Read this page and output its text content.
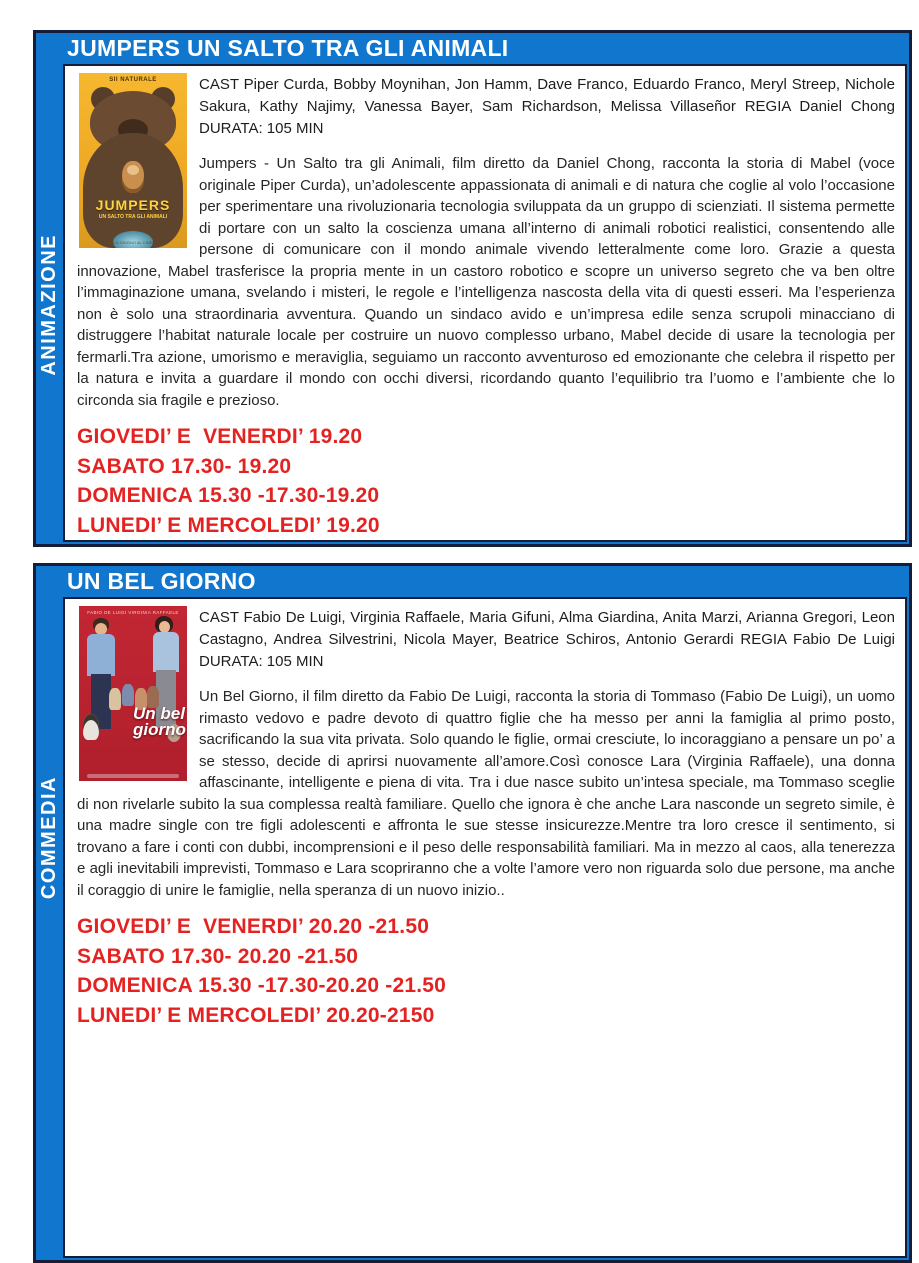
JUMPERS UN SALTO TRA GLI ANIMALI
ANIMAZIONE
SII NATURALE
JUMPERS
UN SALTO TRA GLI ANIMALI
DAL 6 GIUGNO AL CINEMA

CAST Piper Curda, Bobby Moynihan, Jon Hamm, Dave Franco, Eduardo Franco, Meryl Streep, Nichole Sakura, Kathy Najimy, Vanessa Bayer, Sam Richardson, Melissa Villaseñor REGIA Daniel Chong DURATA: 105 MIN

Jumpers - Un Salto tra gli Animali, film diretto da Daniel Chong, racconta la storia di Mabel (voce originale Piper Curda), un’adolescente appassionata di animali e di natura che coglie al volo l’occasione per sperimentare una rivoluzionaria tecnologia sviluppata da un gruppo di scienziati. Il sistema permette di portare con un salto la coscienza umana all’interno di animali robotici realistici, consentendo alle persone di comunicare con il mondo animale vivendo letteralmente come loro. Grazie a questa innovazione, Mabel trasferisce la propria mente in un castoro robotico e scopre un universo segreto che va ben oltre l’immaginazione umana, svelando i misteri, le regole e l’intelligenza nascosta della vita di questi esseri. Ma l’esperienza non è solo una straordinaria avventura. Quando un sindaco avido e un’impresa edile senza scrupoli minacciano di distruggere l’habitat naturale locale per costruire un nuovo complesso urbano, Mabel decide di usare la tecnologia per fermarli.Tra azione, umorismo e meraviglia, seguiamo un racconto avventuroso ed emozionante che celebra il rispetto per la natura e invita a guardare il mondo con occhi diversi, ricordando quanto l’equilibrio tra l’uomo e l’ambiente che lo circonda sia fragile e prezioso.

GIOVEDI’ E  VENERDI’ 19.20
SABATO 17.30- 19.20
DOMENICA 15.30 -17.30-19.20
LUNEDI’ E MERCOLEDI’ 19.20
UN BEL GIORNO
COMMEDIA
FABIO DE LUIGI VIRGINIA RAFFAELE
Un bel

giorno

CAST Fabio De Luigi, Virginia Raffaele, Maria Gifuni, Alma Giardina, Anita Marzi, Arianna Gregori, Leon Castagno, Andrea Silvestrini, Nicola Mayer, Beatrice Schiros, Antonio Gerardi REGIA Fabio De Luigi DURATA: 105 MIN

Un Bel Giorno, il film diretto da Fabio De Luigi, racconta la storia di Tommaso (Fabio De Luigi), un uomo rimasto vedovo e padre devoto di quattro figlie che ha messo per anni la famiglia al primo posto, sacrificando la sua vita privata. Solo quando le figlie, ormai cresciute, lo incoraggiano a pensare un po’ a se stesso, decide di aprirsi nuovamente all’amore.Così conosce Lara (Virginia Raffaele), una donna affascinante, intelligente e piena di vita. Tra i due nasce subito un’intesa speciale, ma Tommaso sceglie di non rivelarle subito la sua complessa realtà familiare. Quello che ignora è che anche Lara nasconde un segreto simile, è una madre single con tre figli adolescenti e affronta le sue stesse insicurezze.Mentre tra loro cresce il sentimento, si trovano a fare i conti con dubbi, incomprensioni e il peso delle responsabilità familiari. Ma in mezzo al caos, alla tenerezza e agli inevitabili imprevisti, Tommaso e Lara scopriranno che a volte l’amore vero non riguarda solo due persone, ma anche il coraggio di unire le famiglie, nella speranza di un nuovo inizio..

GIOVEDI’ E  VENERDI’ 20.20 -21.50
SABATO 17.30- 20.20 -21.50
DOMENICA 15.30 -17.30-20.20 -21.50
LUNEDI’ E MERCOLEDI’ 20.20-2150
